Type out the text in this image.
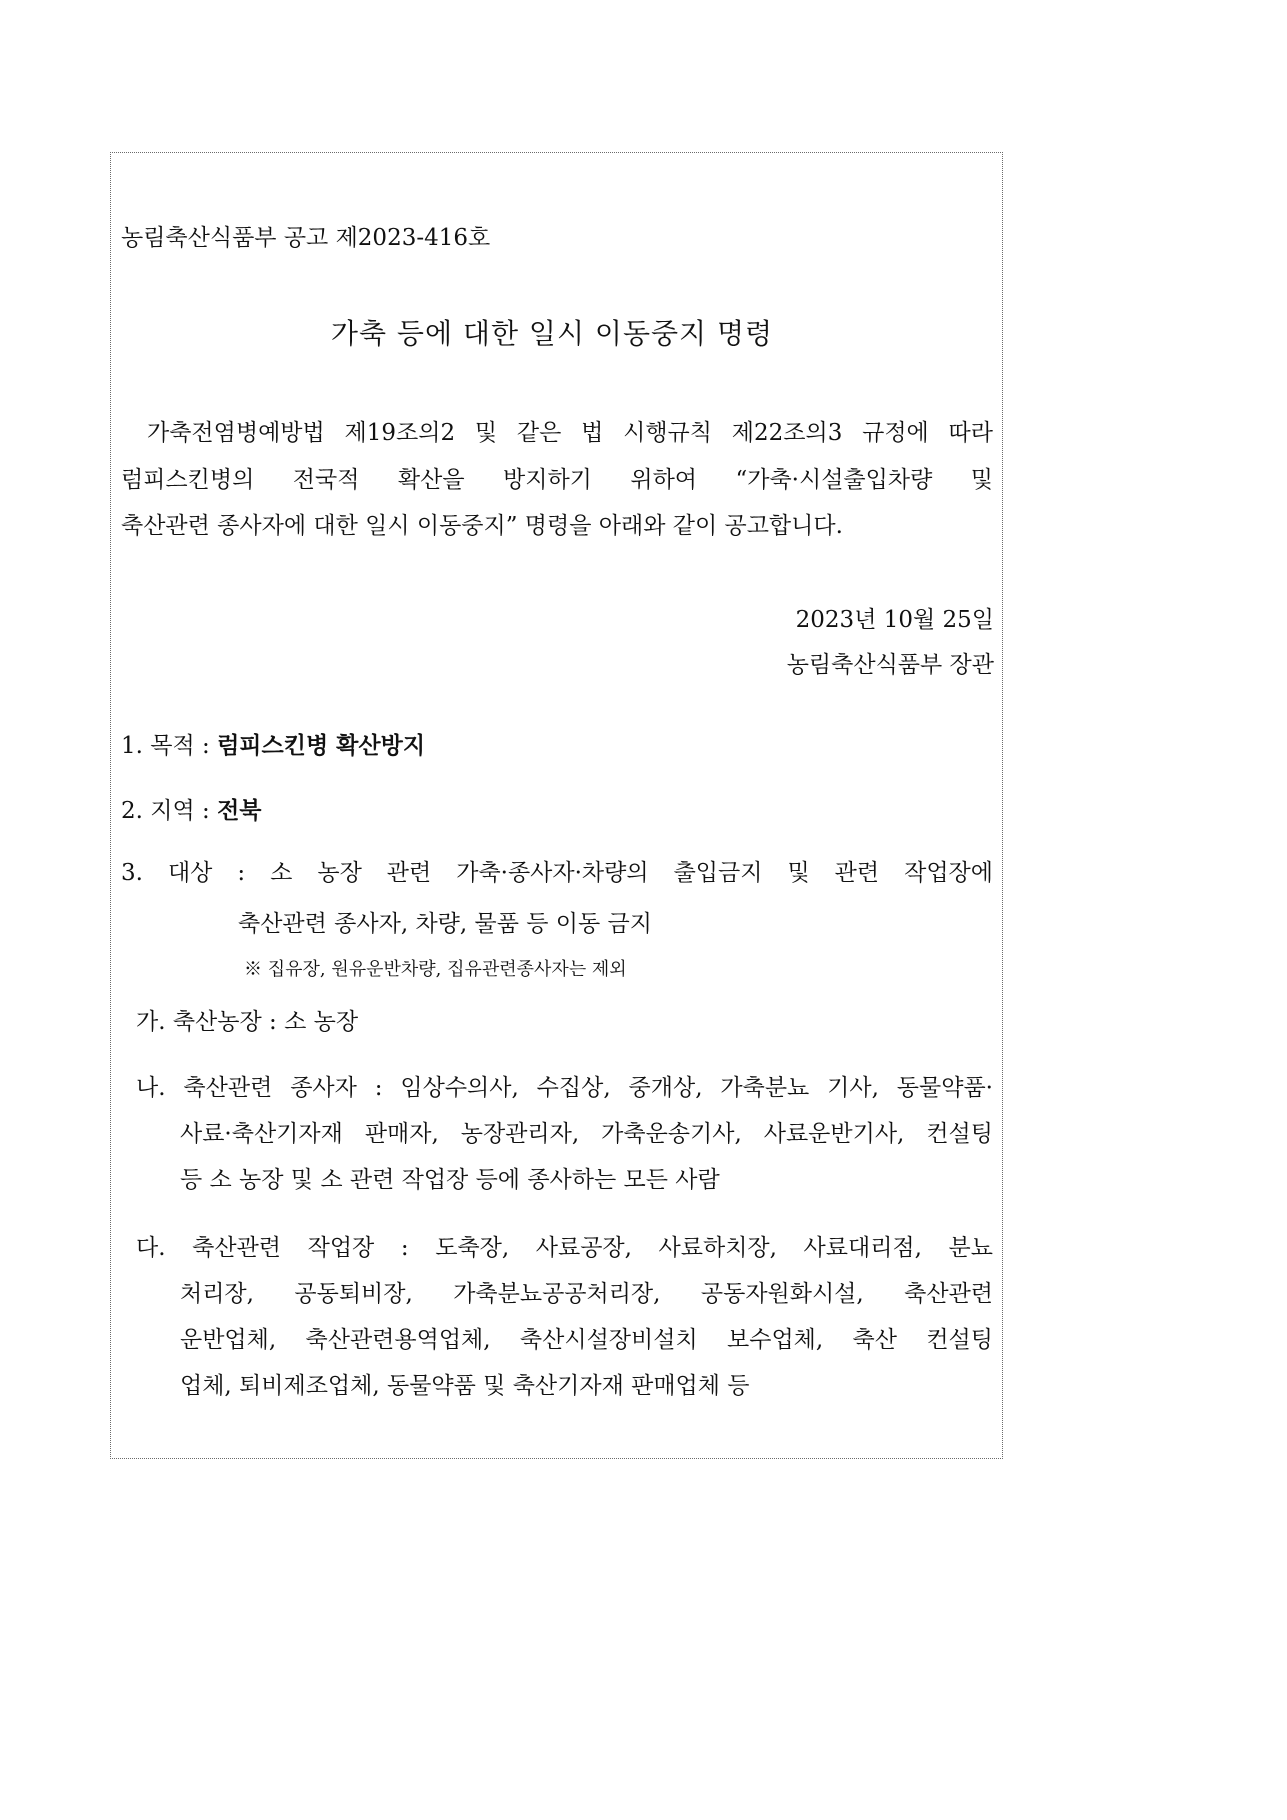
농림축산식품부 공고 제2023-416호
가축 등에 대한 일시 이동중지 명령
가축전염병예방법 제19조의2 및 같은 법 시행규칙 제22조의3 규정에 따라
럼피스킨병의 전국적 확산을 방지하기 위하여 “가축·시설출입차량 및
축산관련 종사자에 대한 일시 이동중지” 명령을 아래와 같이 공고합니다.
2023년 10월 25일
농림축산식품부 장관
1. 목적 : 럼피스킨병 확산방지
2. 지역 : 전북
3. 대상 : 소 농장 관련 가축·종사자·차량의 출입금지 및 관련 작업장에
축산관련 종사자, 차량, 물품 등 이동 금지
※ 집유장, 원유운반차량, 집유관련종사자는 제외
가. 축산농장 : 소 농장
나. 축산관련 종사자 : 임상수의사, 수집상, 중개상, 가축분뇨 기사, 동물약품·
사료·축산기자재 판매자, 농장관리자, 가축운송기사, 사료운반기사, 컨설팅
등 소 농장 및 소 관련 작업장 등에 종사하는 모든 사람
다. 축산관련 작업장 : 도축장, 사료공장, 사료하치장, 사료대리점, 분뇨
처리장, 공동퇴비장, 가축분뇨공공처리장, 공동자원화시설, 축산관련
운반업체, 축산관련용역업체, 축산시설장비설치 보수업체, 축산 컨설팅
업체, 퇴비제조업체, 동물약품 및 축산기자재 판매업체 등
